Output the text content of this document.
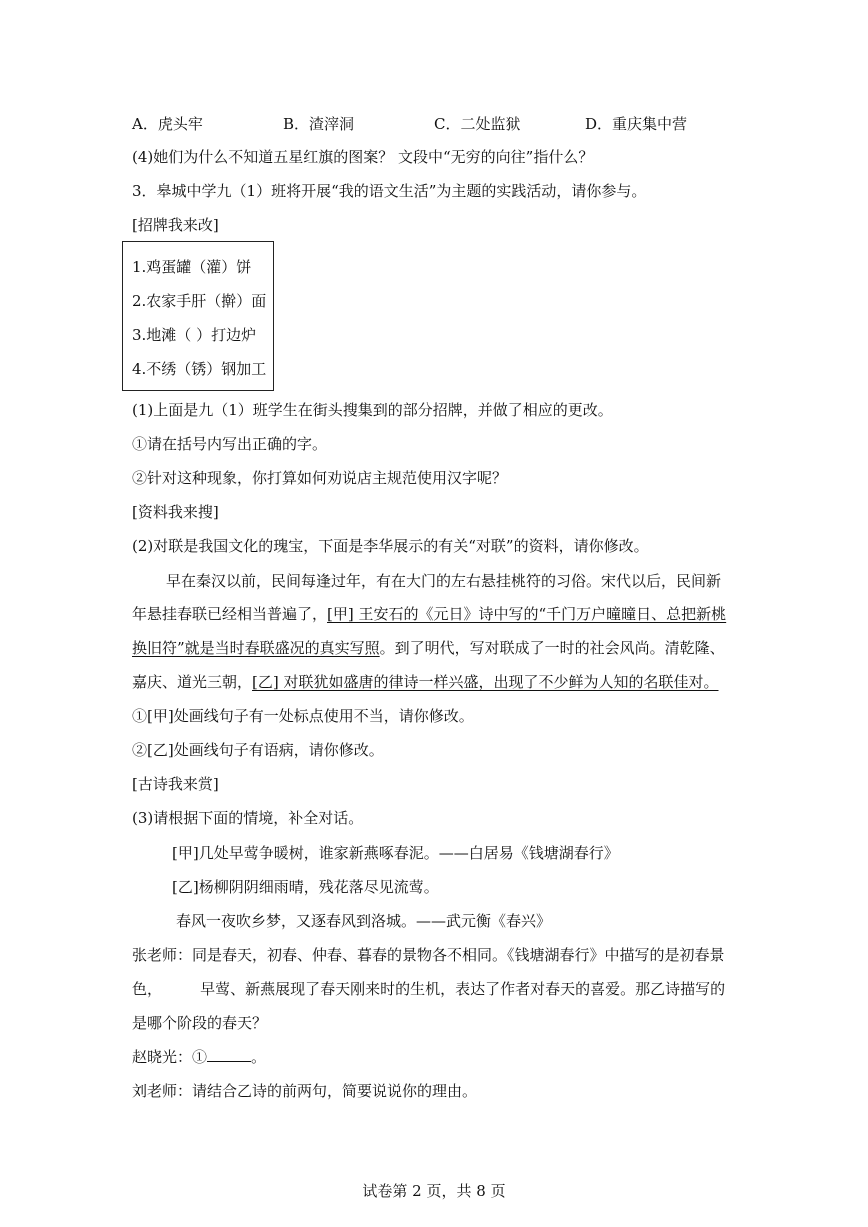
A．虎头牢	B．渣滓洞	C．二处监狱	D．重庆集中营
(4)她们为什么不知道五星红旗的图案？ 文段中“无穷的向往”指什么？
3．皋城中学九（1）班将开展“我的语文生活”为主题的实践活动，请你参与。
[招牌我来改]
1.鸡蛋罐（灌）饼
2.农家手肝（擀）面
3.地滩（ ）打边炉
4.不绣（锈）钢加工
(1)上面是九（1）班学生在街头搜集到的部分招牌，并做了相应的更改。
①请在括号内写出正确的字。
②针对这种现象，你打算如何劝说店主规范使用汉字呢？
[资料我来搜]
(2)对联是我国文化的瑰宝，下面是李华展示的有关“对联”的资料，请你修改。
早在秦汉以前，民间每逢过年，有在大门的左右悬挂桃符的习俗。宋代以后，民间新
年悬挂春联已经相当普遍了，[甲] 王安石的《元日》诗中写的“千门万户曈曈日、总把新桃
换旧符”就是当时春联盛况的真实写照。到了明代，写对联成了一时的社会风尚。清乾隆、
嘉庆、道光三朝，[乙] 对联犹如盛唐的律诗一样兴盛，出现了不少鲜为人知的名联佳对。
①[甲]处画线句子有一处标点使用不当，请你修改。
②[乙]处画线句子有语病，请你修改。
[古诗我来赏]
(3)请根据下面的情境，补全对话。
[甲]几处早莺争暖树，谁家新燕啄春泥。——白居易《钱塘湖春行》
[乙]杨柳阴阴细雨晴，残花落尽见流莺。
春风一夜吹乡梦，又逐春风到洛城。——武元衡《春兴》
张老师：同是春天，初春、仲春、暮春的景物各不相同。《钱塘湖春行》中描写的是初春景
色，        早莺、新燕展现了春天刚来时的生机，表达了作者对春天的喜爱。那乙诗描写的
是哪个阶段的春天？
赵晓光：①	。
刘老师：请结合乙诗的前两句，简要说说你的理由。
试卷第 2 页，共 8 页
